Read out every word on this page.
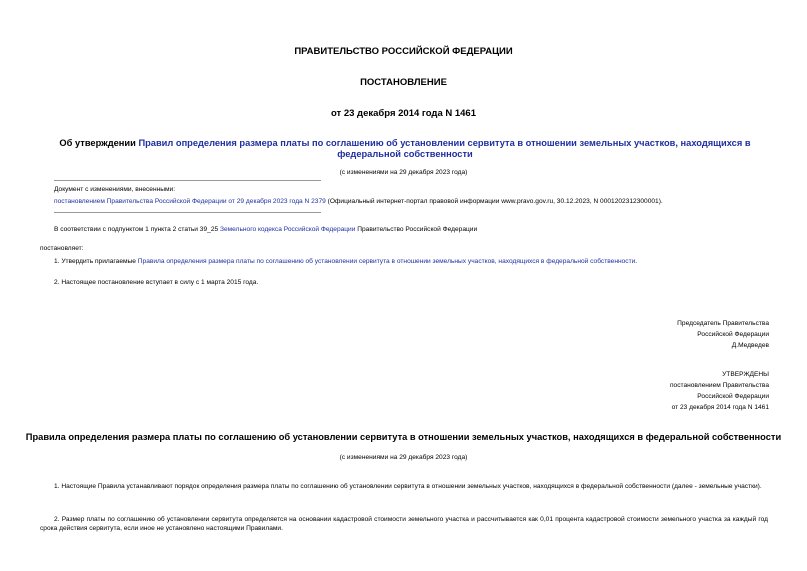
ПРАВИТЕЛЬСТВО РОССИЙСКОЙ ФЕДЕРАЦИИ
ПОСТАНОВЛЕНИЕ
от 23 декабря 2014 года N 1461
Об утверждении Правил определения размера платы по соглашению об установлении сервитута в отношении земельных участков, находящихся в федеральной собственности
(с изменениями на 29 декабря 2023 года)
Документ с изменениями, внесенными:
постановлением Правительства Российской Федерации от 29 декабря 2023 года N 2379 (Официальный интернет-портал правовой информации www.pravo.gov.ru, 30.12.2023, N 0001202312300001).
В соответствии с подпунктом 1 пункта 2 статьи 39_25 Земельного кодекса Российской Федерации Правительство Российской Федерации
постановляет:
1. Утвердить прилагаемые Правила определения размера платы по соглашению об установлении сервитута в отношении земельных участков, находящихся в федеральной собственности.
2. Настоящее постановление вступает в силу с 1 марта 2015 года.
Председатель Правительства
Российской Федерации
Д.Медведев
УТВЕРЖДЕНЫ
постановлением Правительства
Российской Федерации
от 23 декабря 2014 года N 1461
Правила определения размера платы по соглашению об установлении сервитута в отношении земельных участков, находящихся в федеральной собственности
(с изменениями на 29 декабря 2023 года)
1. Настоящие Правила устанавливают порядок определения размера платы по соглашению об установлении сервитута в отношении земельных участков, находящихся в федеральной собственности (далее - земельные участки).
2. Размер платы по соглашению об установлении сервитута определяется на основании кадастровой стоимости земельного участка и рассчитывается как 0,01 процента кадастровой стоимости земельного участка за каждый год срока действия сервитута, если иное не установлено настоящими Правилами.
